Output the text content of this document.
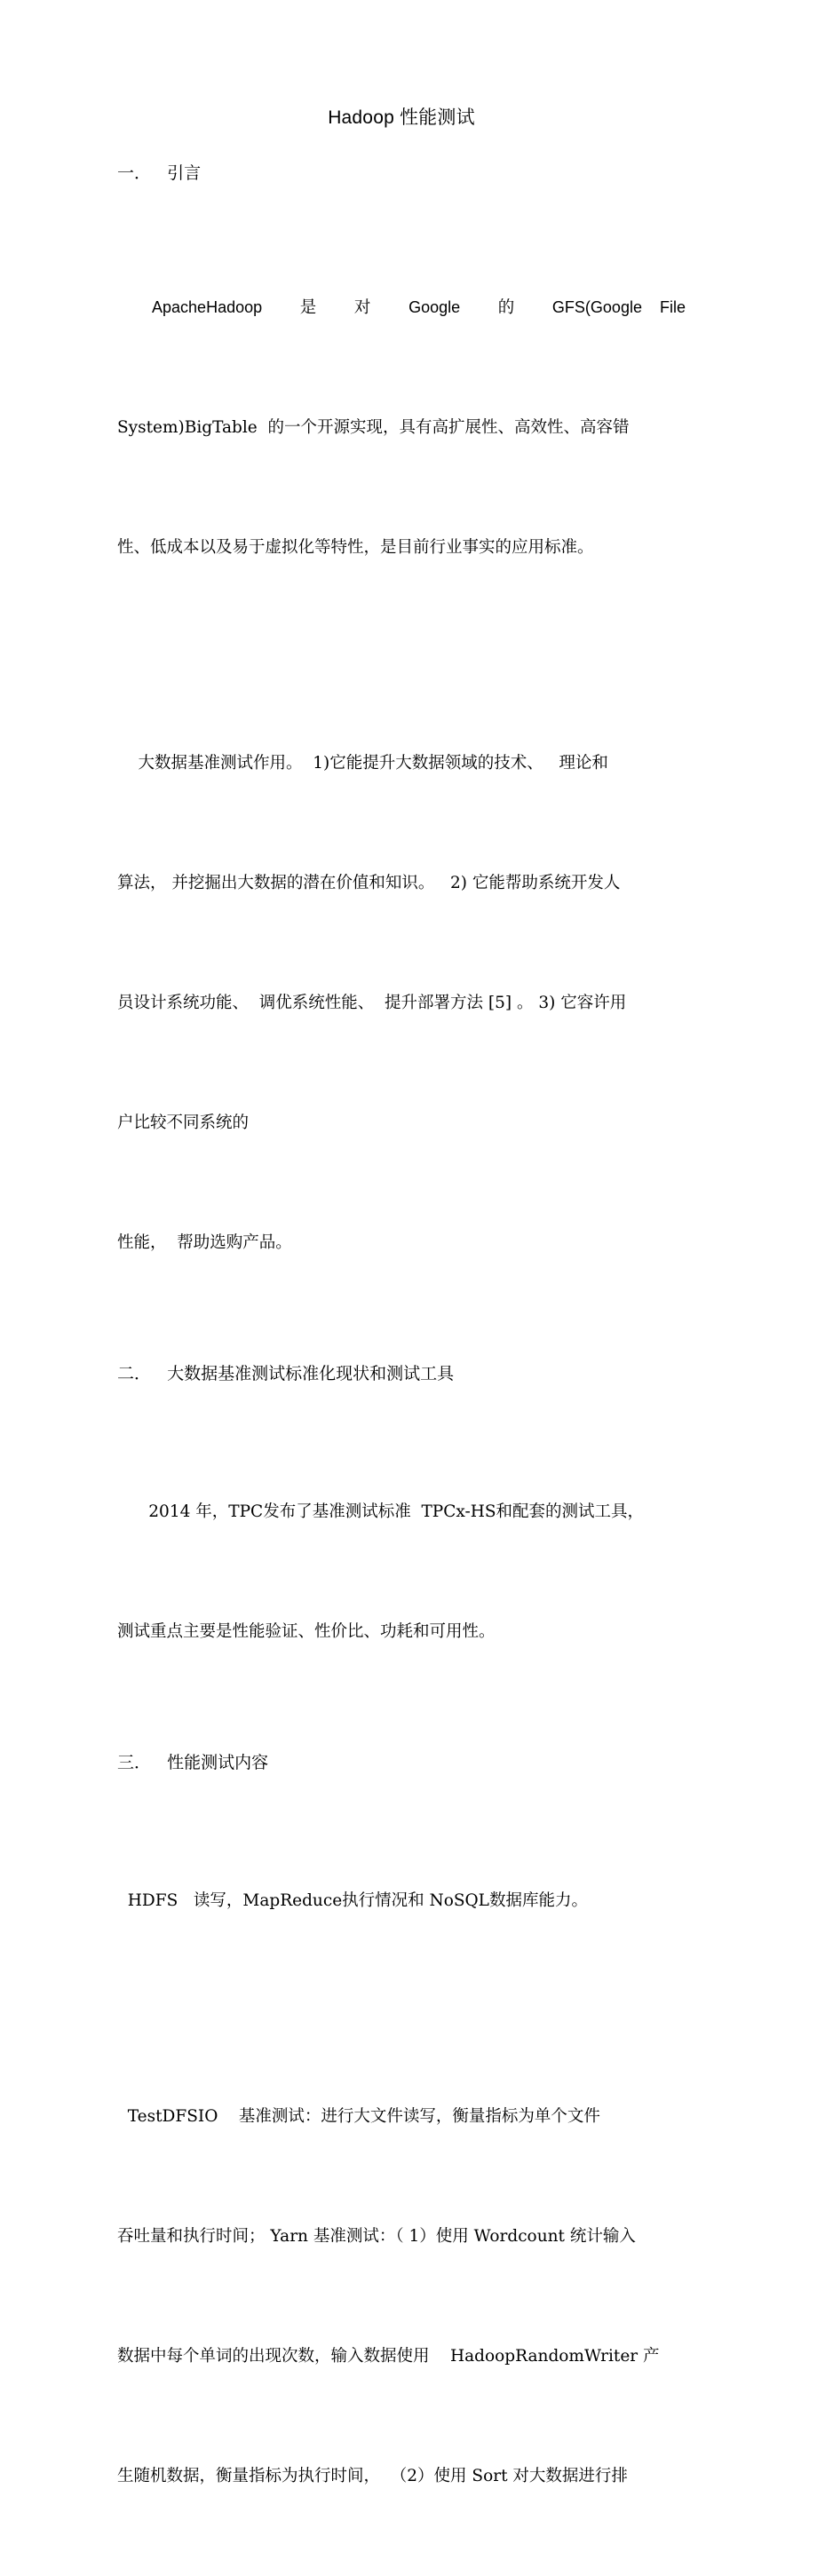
Hadoop 性能测试
一．   引言

ApacheHadoop 是 对 Google 的 GFS(Google    File

System)BigTable  的一个开源实现，具有高扩展性、高效性、高容错

性、低成本以及易于虚拟化等特性，是目前行业事实的应用标准。

大数据基准测试作用。  1)它能提升大数据领域的技术、   理论和

算法， 并挖掘出大数据的潜在价值和知识。   2) 它能帮助系统开发人

员设计系统功能、  调优系统性能、  提升部署方法 [5] 。 3) 它容许用

户比较不同系统的

性能，  帮助选购产品。

二．   大数据基准测试标准化现状和测试工具

2014 年，TPC发布了基准测试标准  TPCx-HS和配套的测试工具，

测试重点主要是性能验证、性价比、功耗和可用性。

三．   性能测试内容

HDFS   读写，MapReduce执行情况和 NoSQL数据库能力。

TestDFSIO    基准测试：进行大文件读写，衡量指标为单个文件

吞吐量和执行时间； Yarn 基准测试：（ 1）使用 Wordcount 统计输入

数据中每个单词的出现次数，输入数据使用    HadoopRandomWriter 产

生随机数据，衡量指标为执行时间，  （2）使用 Sort 对大数据进行排
